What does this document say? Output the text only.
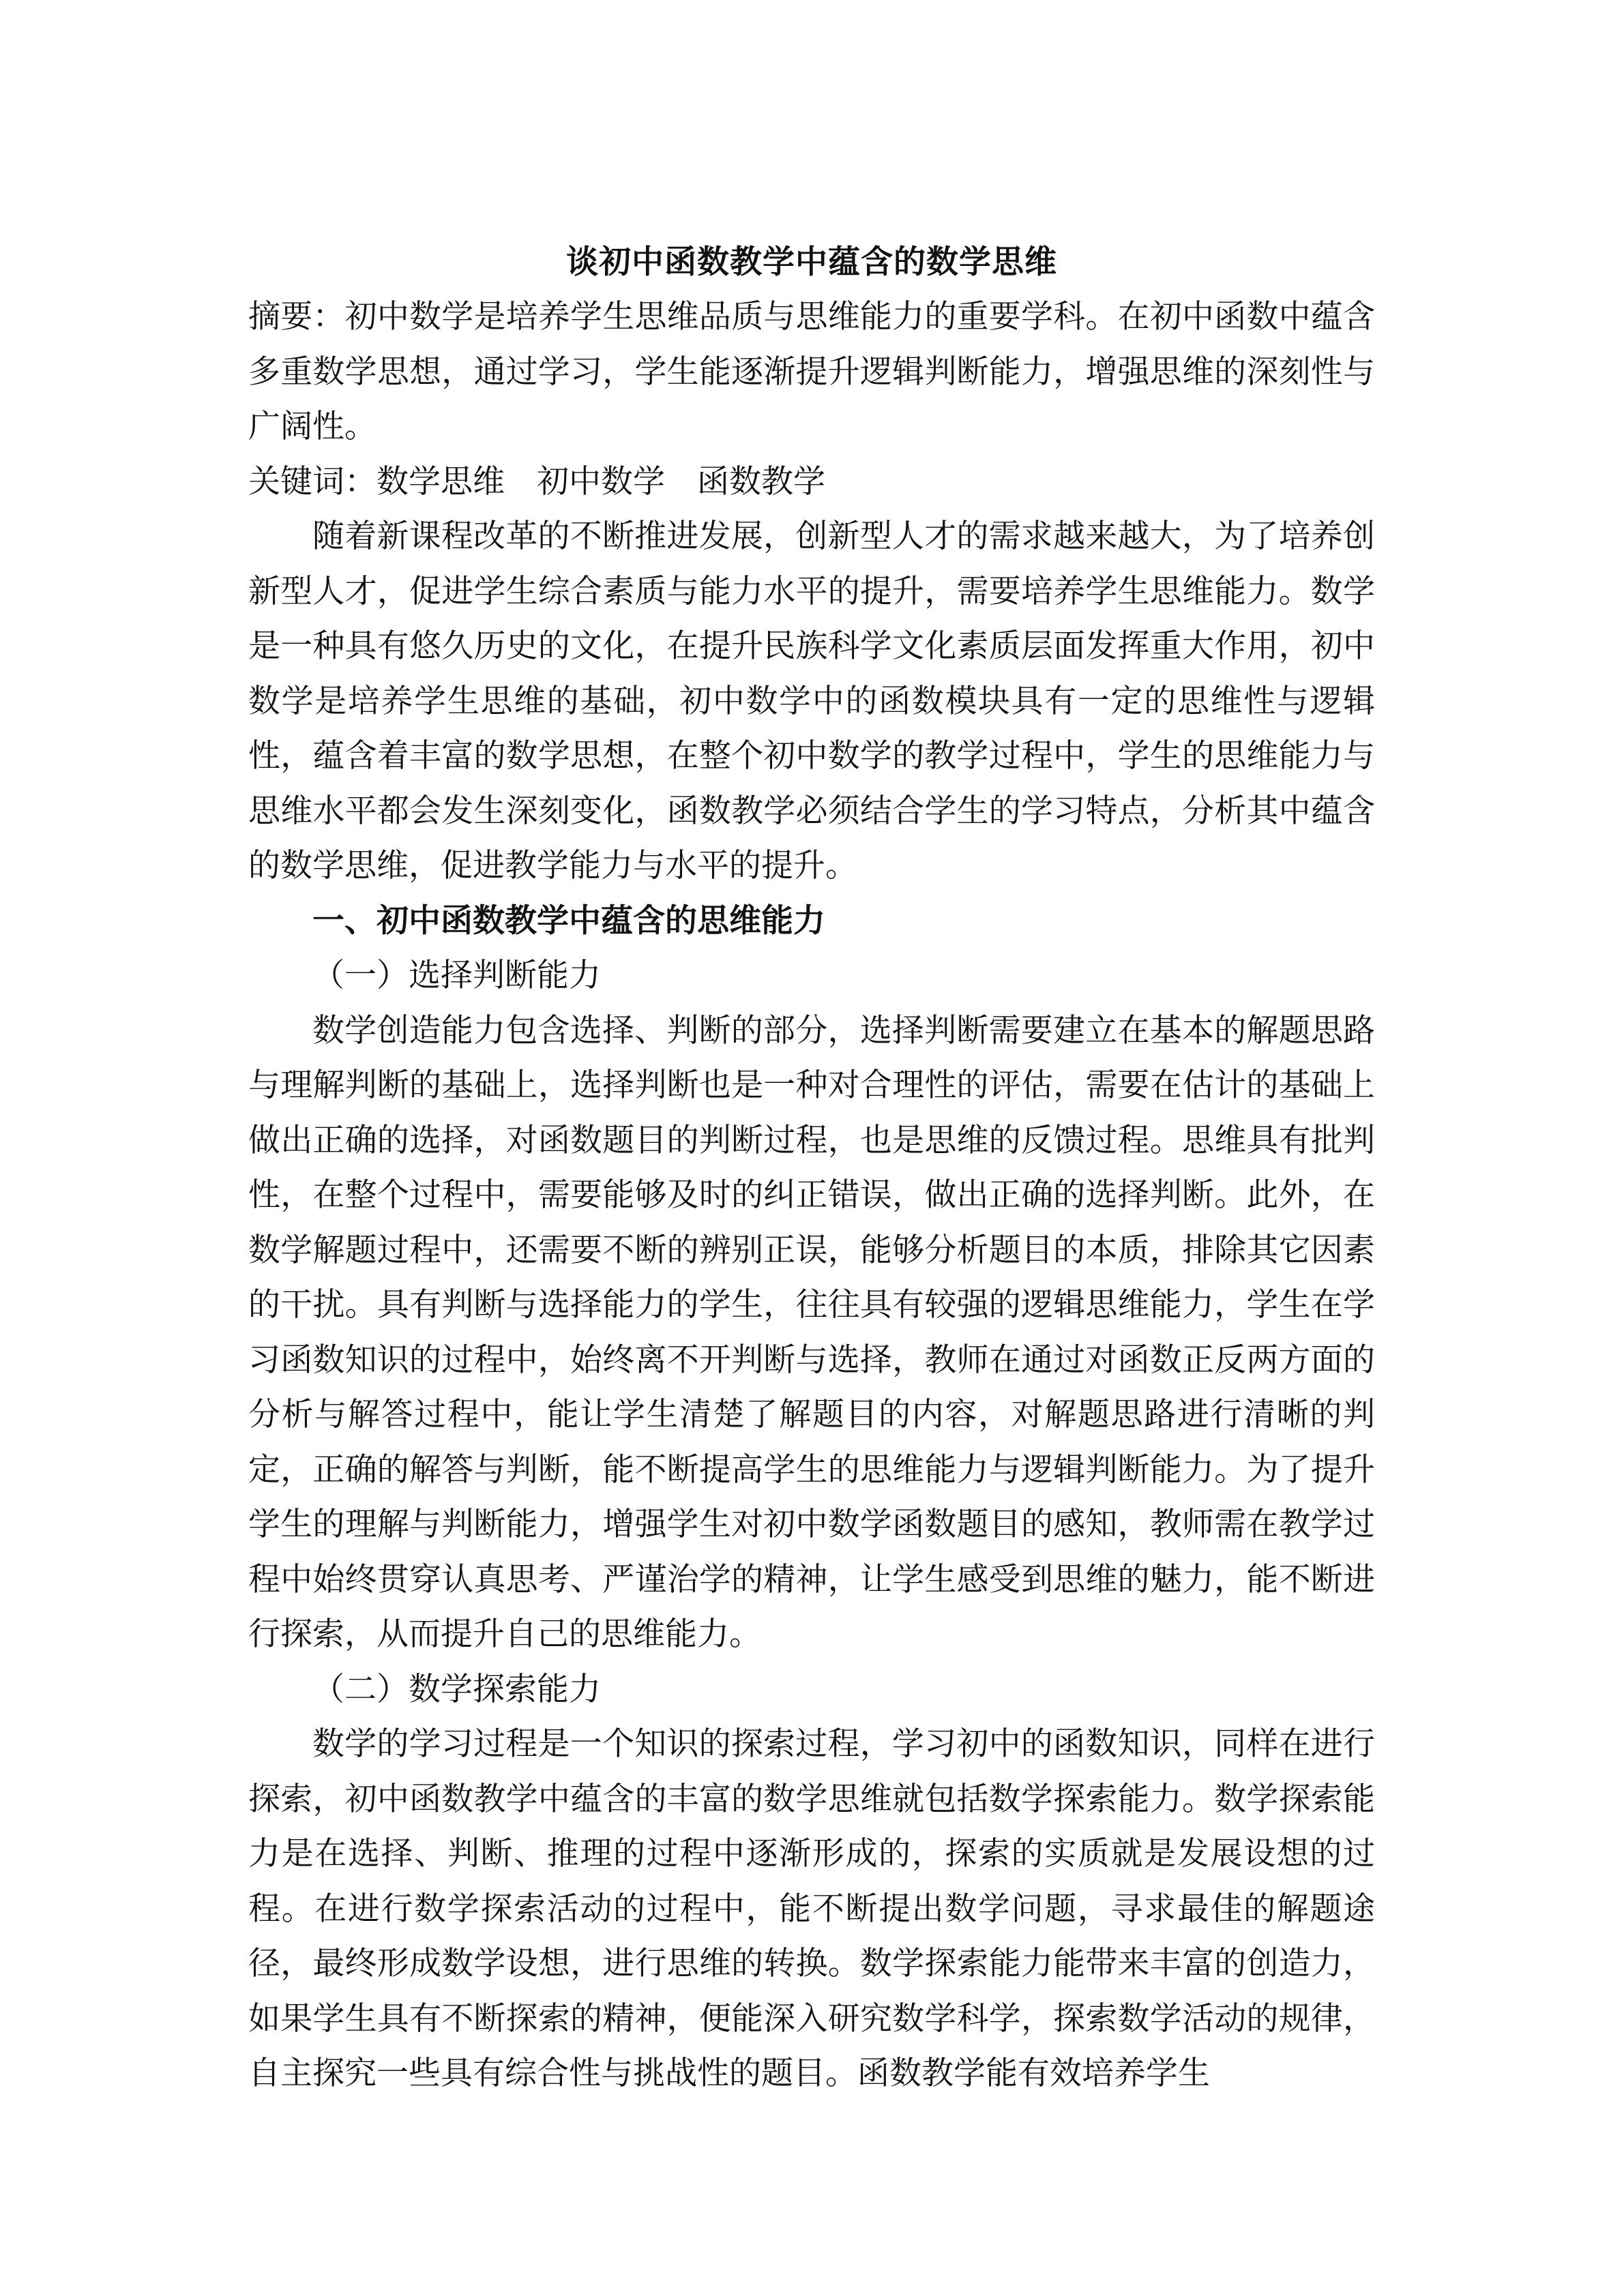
谈初中函数教学中蕴含的数学思维

摘要：初中数学是培养学生思维品质与思维能力的重要学科。在初中函数中蕴含多重数学思想，通过学习，学生能逐渐提升逻辑判断能力，增强思维的深刻性与广阔性。

关键词：数学思维　初中数学　函数教学

随着新课程改革的不断推进发展，创新型人才的需求越来越大，为了培养创新型人才，促进学生综合素质与能力水平的提升，需要培养学生思维能力。数学是一种具有悠久历史的文化，在提升民族科学文化素质层面发挥重大作用，初中数学是培养学生思维的基础，初中数学中的函数模块具有一定的思维性与逻辑性，蕴含着丰富的数学思想，在整个初中数学的教学过程中，学生的思维能力与思维水平都会发生深刻变化，函数教学必须结合学生的学习特点，分析其中蕴含的数学思维，促进教学能力与水平的提升。

一、初中函数教学中蕴含的思维能力

（一）选择判断能力

数学创造能力包含选择、判断的部分，选择判断需要建立在基本的解题思路与理解判断的基础上，选择判断也是一种对合理性的评估，需要在估计的基础上做出正确的选择，对函数题目的判断过程，也是思维的反馈过程。思维具有批判性，在整个过程中，需要能够及时的纠正错误，做出正确的选择判断。此外，在数学解题过程中，还需要不断的辨别正误，能够分析题目的本质，排除其它因素的干扰。具有判断与选择能力的学生，往往具有较强的逻辑思维能力，学生在学习函数知识的过程中，始终离不开判断与选择，教师在通过对函数正反两方面的分析与解答过程中，能让学生清楚了解题目的内容，对解题思路进行清晰的判定，正确的解答与判断，能不断提高学生的思维能力与逻辑判断能力。为了提升学生的理解与判断能力，增强学生对初中数学函数题目的感知，教师需在教学过程中始终贯穿认真思考、严谨治学的精神，让学生感受到思维的魅力，能不断进行探索，从而提升自己的思维能力。

（二）数学探索能力

数学的学习过程是一个知识的探索过程，学习初中的函数知识，同样在进行探索，初中函数教学中蕴含的丰富的数学思维就包括数学探索能力。数学探索能力是在选择、判断、推理的过程中逐渐形成的，探索的实质就是发展设想的过程。在进行数学探索活动的过程中，能不断提出数学问题，寻求最佳的解题途径，最终形成数学设想，进行思维的转换。数学探索能力能带来丰富的创造力，如果学生具有不断探索的精神，便能深入研究数学科学，探索数学活动的规律，自主探究一些具有综合性与挑战性的题目。函数教学能有效培养学生
